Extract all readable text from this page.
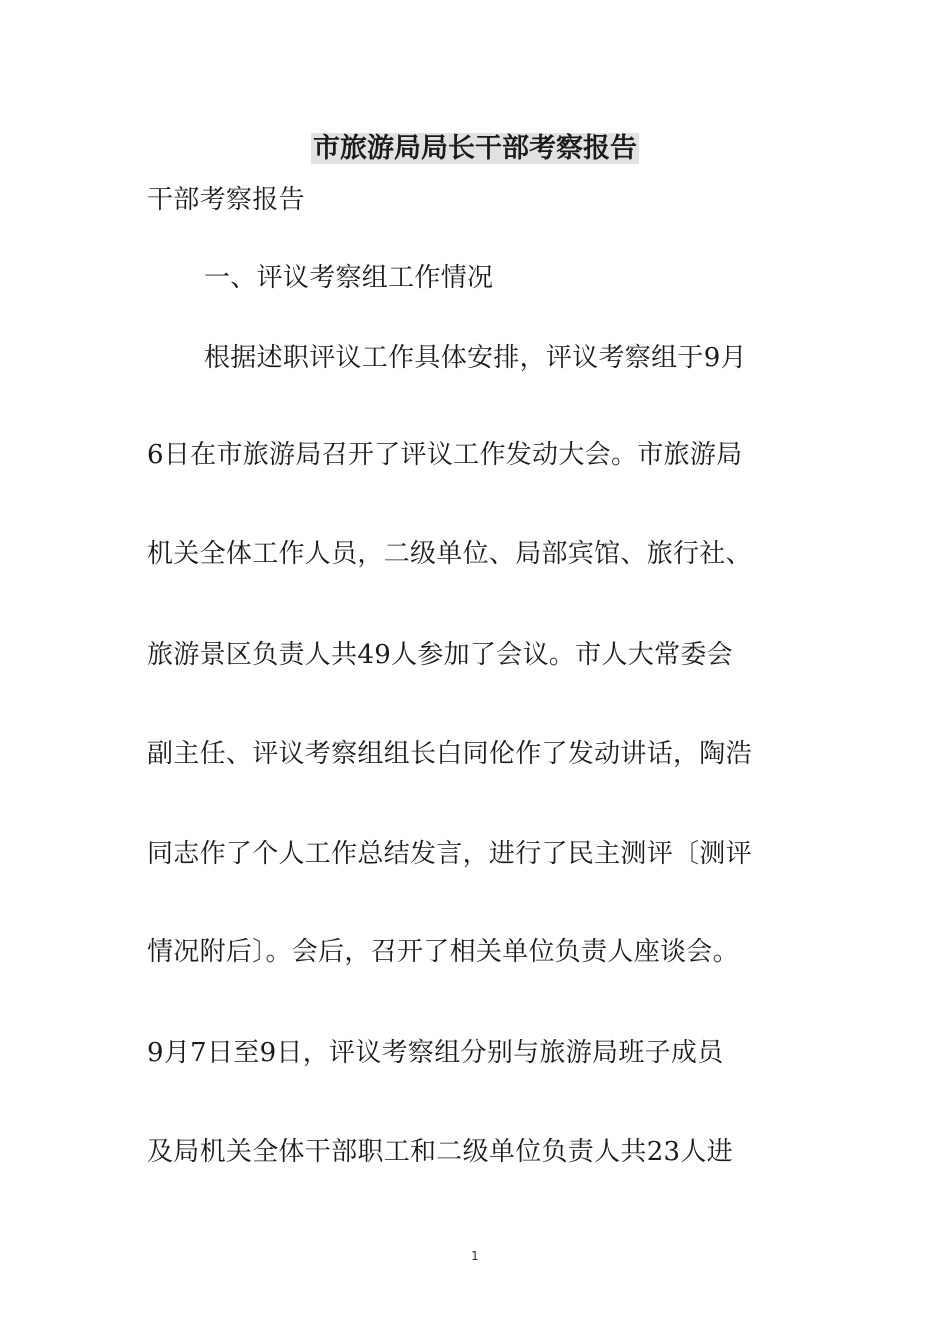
市旅游局局长干部考察报告
干部考察报告
一、评议考察组工作情况
根据述职评议工作具体安排，评议考察组于9月
6日在市旅游局召开了评议工作发动大会。市旅游局
机关全体工作人员，二级单位、局部宾馆、旅行社、
旅游景区负责人共49人参加了会议。市人大常委会
副主任、评议考察组组长白同伦作了发动讲话，陶浩
同志作了个人工作总结发言，进行了民主测评〔测评
情况附后〕。会后，召开了相关单位负责人座谈会。
9月7日至9日，评议考察组分别与旅游局班子成员
及局机关全体干部职工和二级单位负责人共23人进
1
